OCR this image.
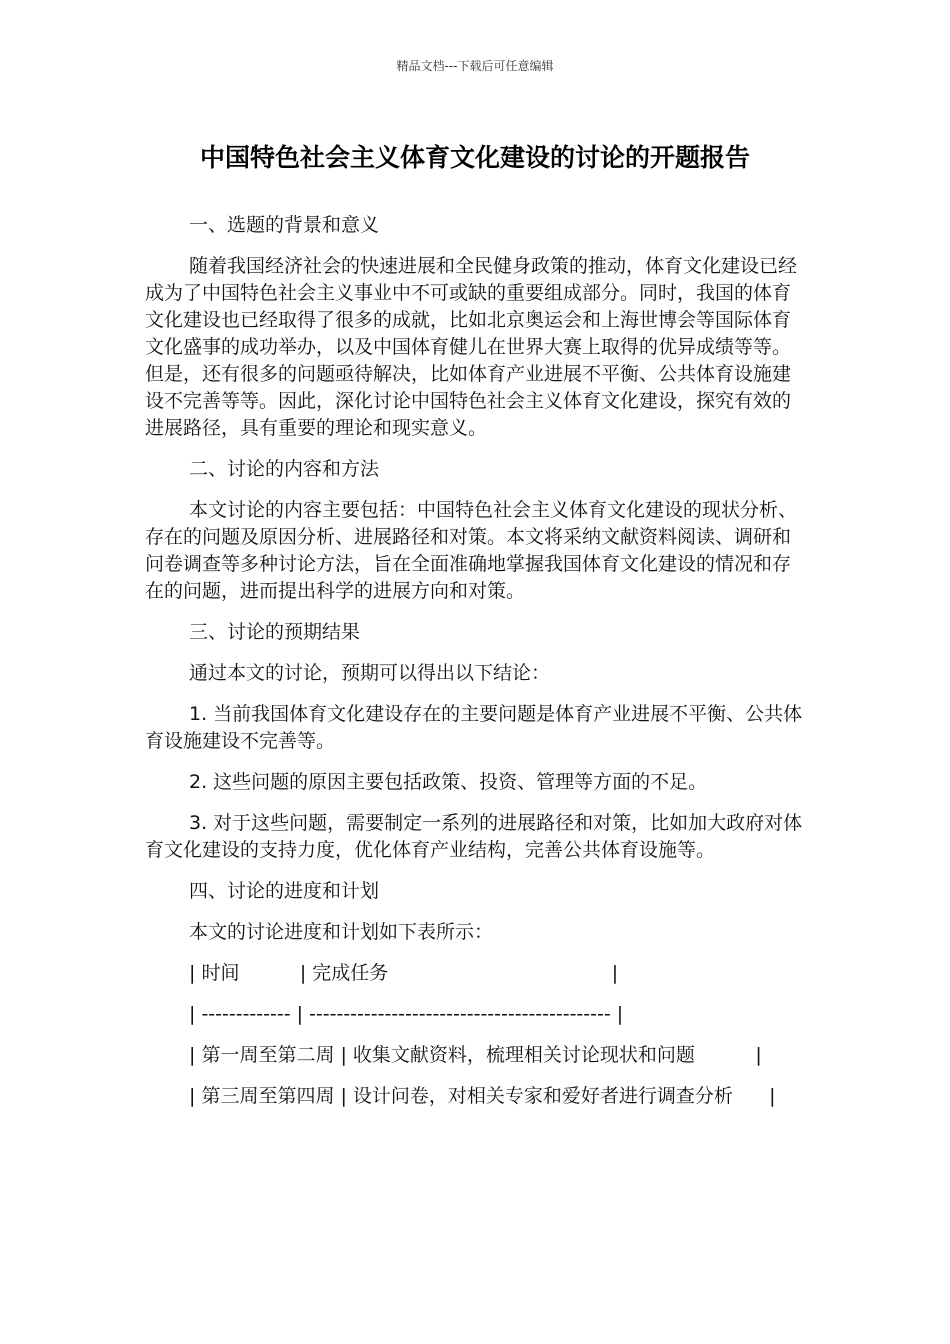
精品文档---下载后可任意编辑
中国特色社会主义体育文化建设的讨论的开题报告

一、选题的背景和意义

随着我国经济社会的快速进展和全民健身政策的推动，体育文化建设已经成为了中国特色社会主义事业中不可或缺的重要组成部分。同时，我国的体育文化建设也已经取得了很多的成就，比如北京奥运会和上海世博会等国际体育文化盛事的成功举办，以及中国体育健儿在世界大赛上取得的优异成绩等等。但是，还有很多的问题亟待解决，比如体育产业进展不平衡、公共体育设施建设不完善等等。因此，深化讨论中国特色社会主义体育文化建设，探究有效的进展路径，具有重要的理论和现实意义。

二、讨论的内容和方法

本文讨论的内容主要包括：中国特色社会主义体育文化建设的现状分析、存在的问题及原因分析、进展路径和对策。本文将采纳文献资料阅读、调研和问卷调查等多种讨论方法，旨在全面准确地掌握我国体育文化建设的情况和存在的问题，进而提出科学的进展方向和对策。

三、讨论的预期结果

通过本文的讨论，预期可以得出以下结论：

1. 当前我国体育文化建设存在的主要问题是体育产业进展不平衡、公共体育设施建设不完善等。

2. 这些问题的原因主要包括政策、投资、管理等方面的不足。

3. 对于这些问题，需要制定一系列的进展路径和对策，比如加大政府对体育文化建设的支持力度，优化体育产业结构，完善公共体育设施等。

四、讨论的进度和计划

本文的讨论进度和计划如下表所示：

| 时间          | 完成任务                                     |

| ------------- | -------------------------------------------- |

| 第一周至第二周 | 收集文献资料，梳理相关讨论现状和问题          |

| 第三周至第四周 | 设计问卷，对相关专家和爱好者进行调查分析      |
